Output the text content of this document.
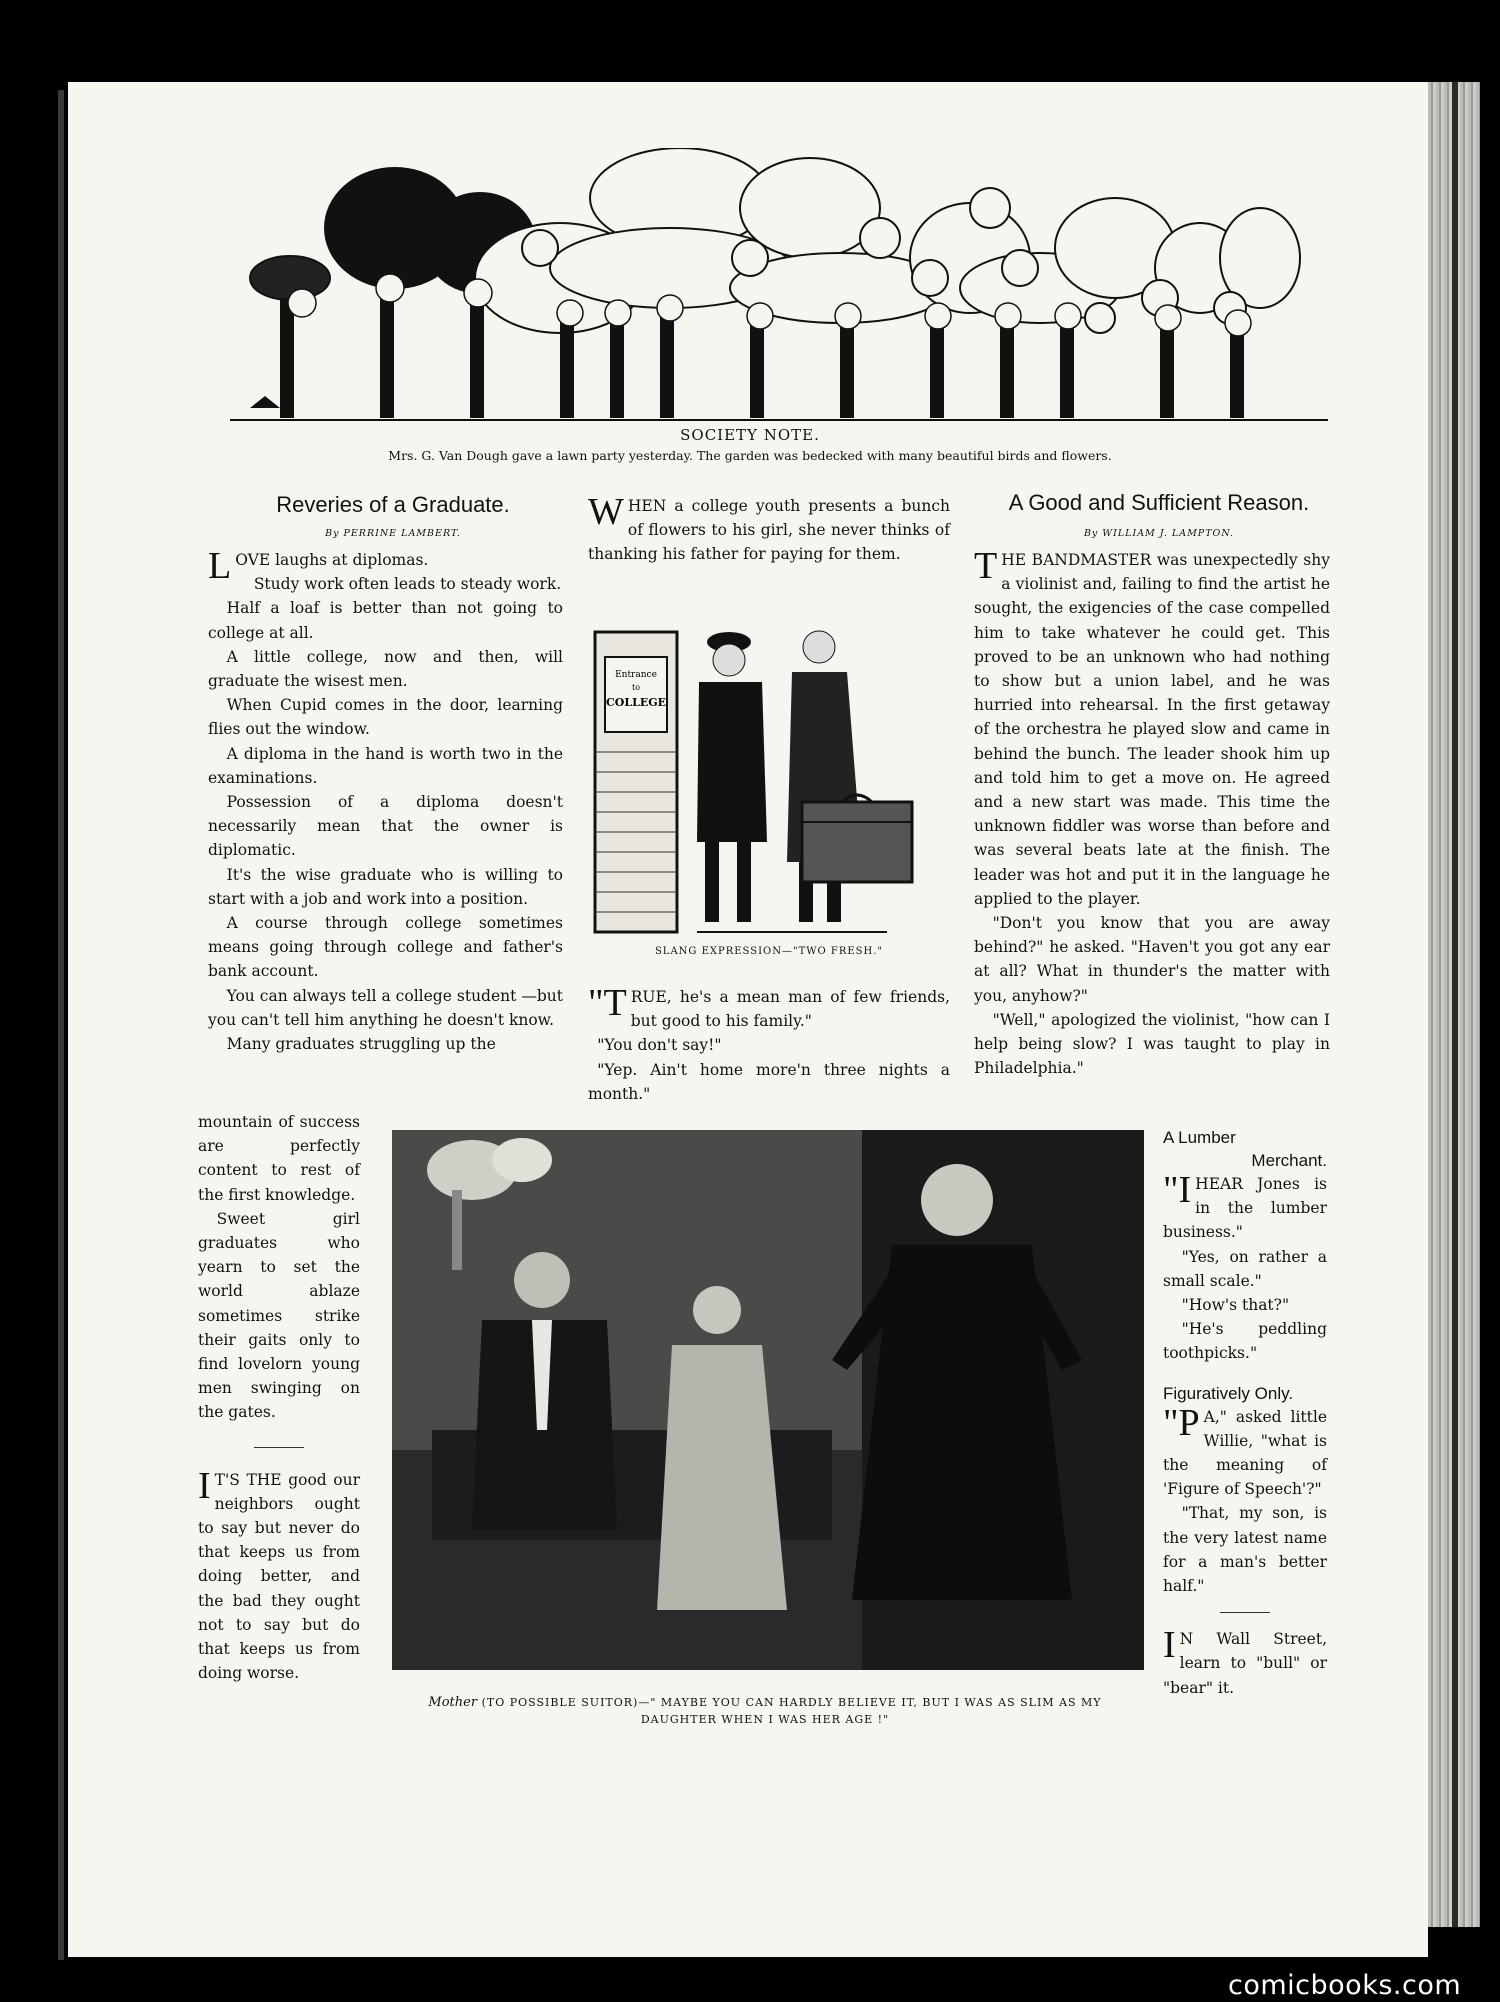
SOCIETY NOTE.
Mrs. G. Van Dough gave a lawn party yesterday. The garden was bedecked with many beautiful birds and flowers.
Reveries of a Graduate.
By PERRINE LAMBERT.

LOVE laughs at diplomas.

Study work often leads to steady work.

Half a loaf is better than not going to college at all.

A little college, now and then, will graduate the wisest men.

When Cupid comes in the door, learning flies out the window.

A diploma in the hand is worth two in the examinations.

Possession of a diploma doesn't necessarily mean that the owner is diplomatic.

It's the wise graduate who is willing to start with a job and work into a position.

A course through college sometimes means going through college and father's bank account.

You can always tell a college student —but you can't tell him anything he doesn't know.

Many graduates struggling up the

mountain of success are perfectly content to rest of the first knowledge.

Sweet girl graduates who yearn to set the world ablaze sometimes strike their gaits only to find lovelorn young men swinging on the gates.

I T'S THE good our neighbors ought to say but never do that keeps us from doing better, and the bad they ought not to say but do that keeps us from doing worse.

WHEN a college youth presents a bunch of flowers to his girl, she never thinks of thanking his father for paying for them.

Entrance
to
COLLEGE
SLANG EXPRESSION—"TWO FRESH."

"TRUE, he's a mean man of few friends, but good to his family."

"You don't say!"

"Yep. Ain't home more'n three nights a month."

A Good and Sufficient Reason.
By WILLIAM J. LAMPTON.

THE BANDMASTER was unexpectedly shy a violinist and, failing to find the artist he sought, the exigencies of the case compelled him to take whatever he could get. This proved to be an unknown who had nothing to show but a union label, and he was hurried into rehearsal. In the first getaway of the orchestra he played slow and came in behind the bunch. The leader shook him up and told him to get a move on. He agreed and a new start was made. This time the unknown fiddler was worse than before and was several beats late at the finish. The leader was hot and put it in the language he applied to the player.

"Don't you know that you are away behind?" he asked. "Haven't you got any ear at all? What in thunder's the matter with you, anyhow?"

"Well," apologized the violinist, "how can I help being slow? I was taught to play in Philadelphia."

Mother (TO POSSIBLE SUITOR)—" MAYBE YOU CAN HARDLY BELIEVE IT, BUT I WAS AS SLIM AS MY DAUGHTER WHEN I WAS HER AGE !"
A Lumber
Merchant.

"IHEAR Jones is in the lumber business."

"Yes, on rather a small scale."

"How's that?"

"He's peddling toothpicks."

Figuratively Only.

"P A," asked little Willie, "what is the meaning of 'Figure of Speech'?"

"That, my son, is the very latest name for a man's better half."

I N Wall Street, learn to "bull" or "bear" it.

comicbooks.com
